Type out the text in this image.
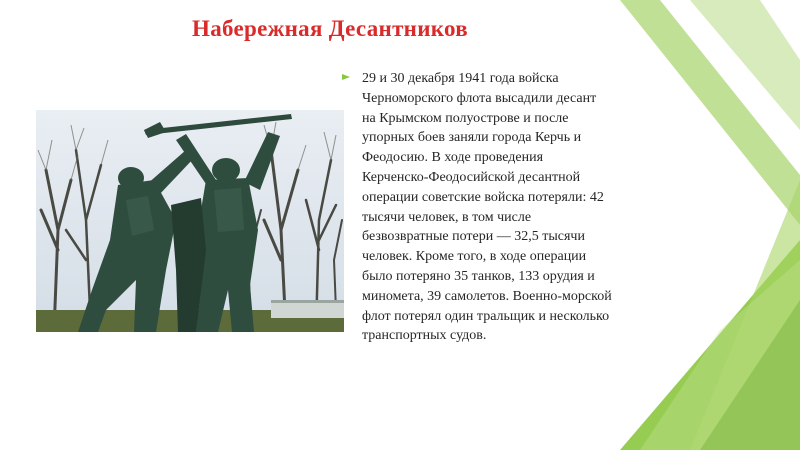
Набережная Десантников
29 и 30 декабря 1941 года войска Черноморского флота высадили десант на Крымском полуострове и после упорных боев заняли города Керчь и Феодосию. В ходе проведения Керченско-Феодосийской десантной операции советские войска потеряли: 42 тысячи человек, в том числе безвозвратные потери — 32,5 тысячи человек. Кроме того, в ходе операции было потеряно 35 танков, 133 орудия и миномета, 39 самолетов. Военно-морской флот потерял один тральщик и несколько транспортных судов.
